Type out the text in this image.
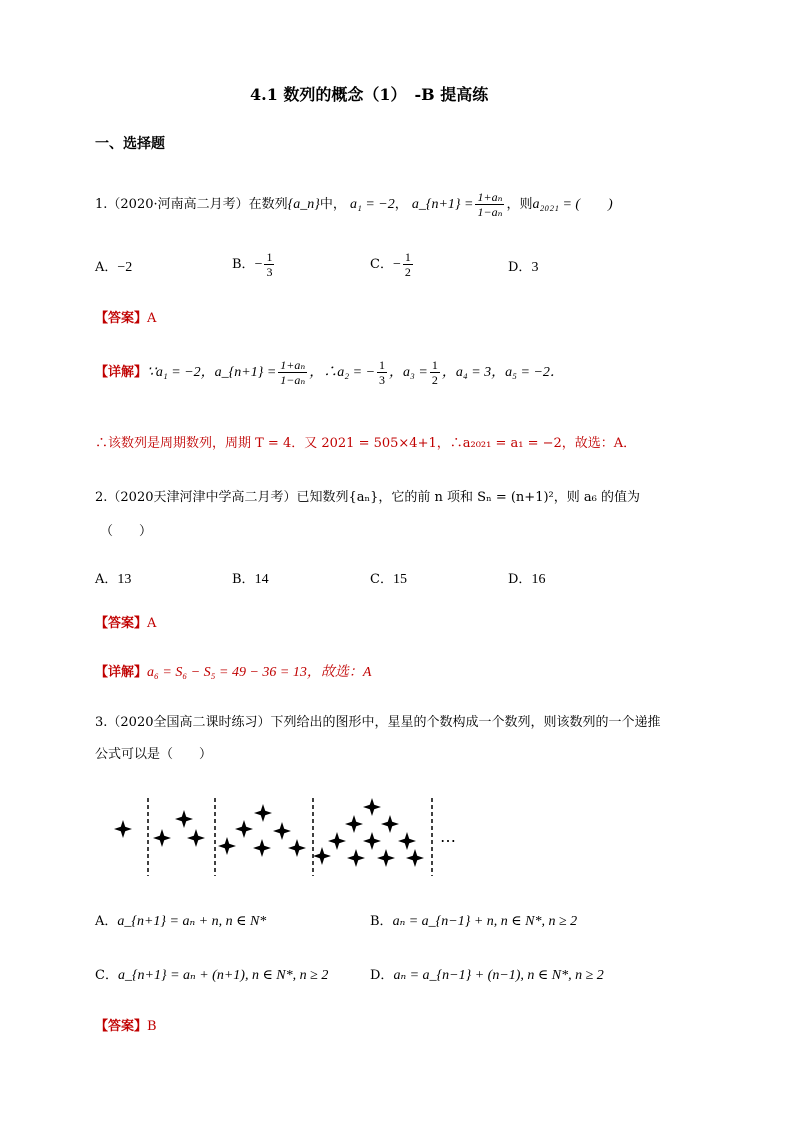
4.1 数列的概念（1）　-B 提高练
一、选择题
1.（2020·河南高二月考）在数列{a_n}中， a₁ = −2， a_{n+1} = $\frac{\text{1+aₙ}}{\text{1−aₙ}}$ ，则a₂₀₂₁ = (　　)
A．−2	B．− $\frac{1}{3}$	C．− $\frac{1}{2}$	D．3
【答案】A
【详解】∵a₁ = −2，a_{n+1} = $\frac{\text{1+aₙ}}{\text{1−aₙ}}$ ，∴a₂ = − $\frac{1}{3}$ ，$a_3 = \frac{1}{2}$ ，a₄ = 3，a₅ = −2．
∴该数列是周期数列，周期 T = 4．又 2021 = 505×4+1，∴a₂₀₂₁ = a₁ = −2，故选：A．
2.（2020天津河津中学高二月考）已知数列{aₙ}，它的前 n 项和 Sₙ = (n+1)²，则 a₆ 的值为
（　　）
A．13	B．14	C．15	D．16
【答案】A
【详解】a₆ = S₆ − S₅ = 49 − 36 = 13，故选：A
3.（2020全国高二课时练习）下列给出的图形中，星星的个数构成一个数列，则该数列的一个递推
公式可以是（　　）
…
A．a_{n+1} = aₙ + n, n ∈ N*	B．aₙ = a_{n−1} + n, n ∈ N*, n ≥ 2
C．a_{n+1} = aₙ + (n+1), n ∈ N*, n ≥ 2	D．aₙ = a_{n−1} + (n−1), n ∈ N*, n ≥ 2
【答案】B
